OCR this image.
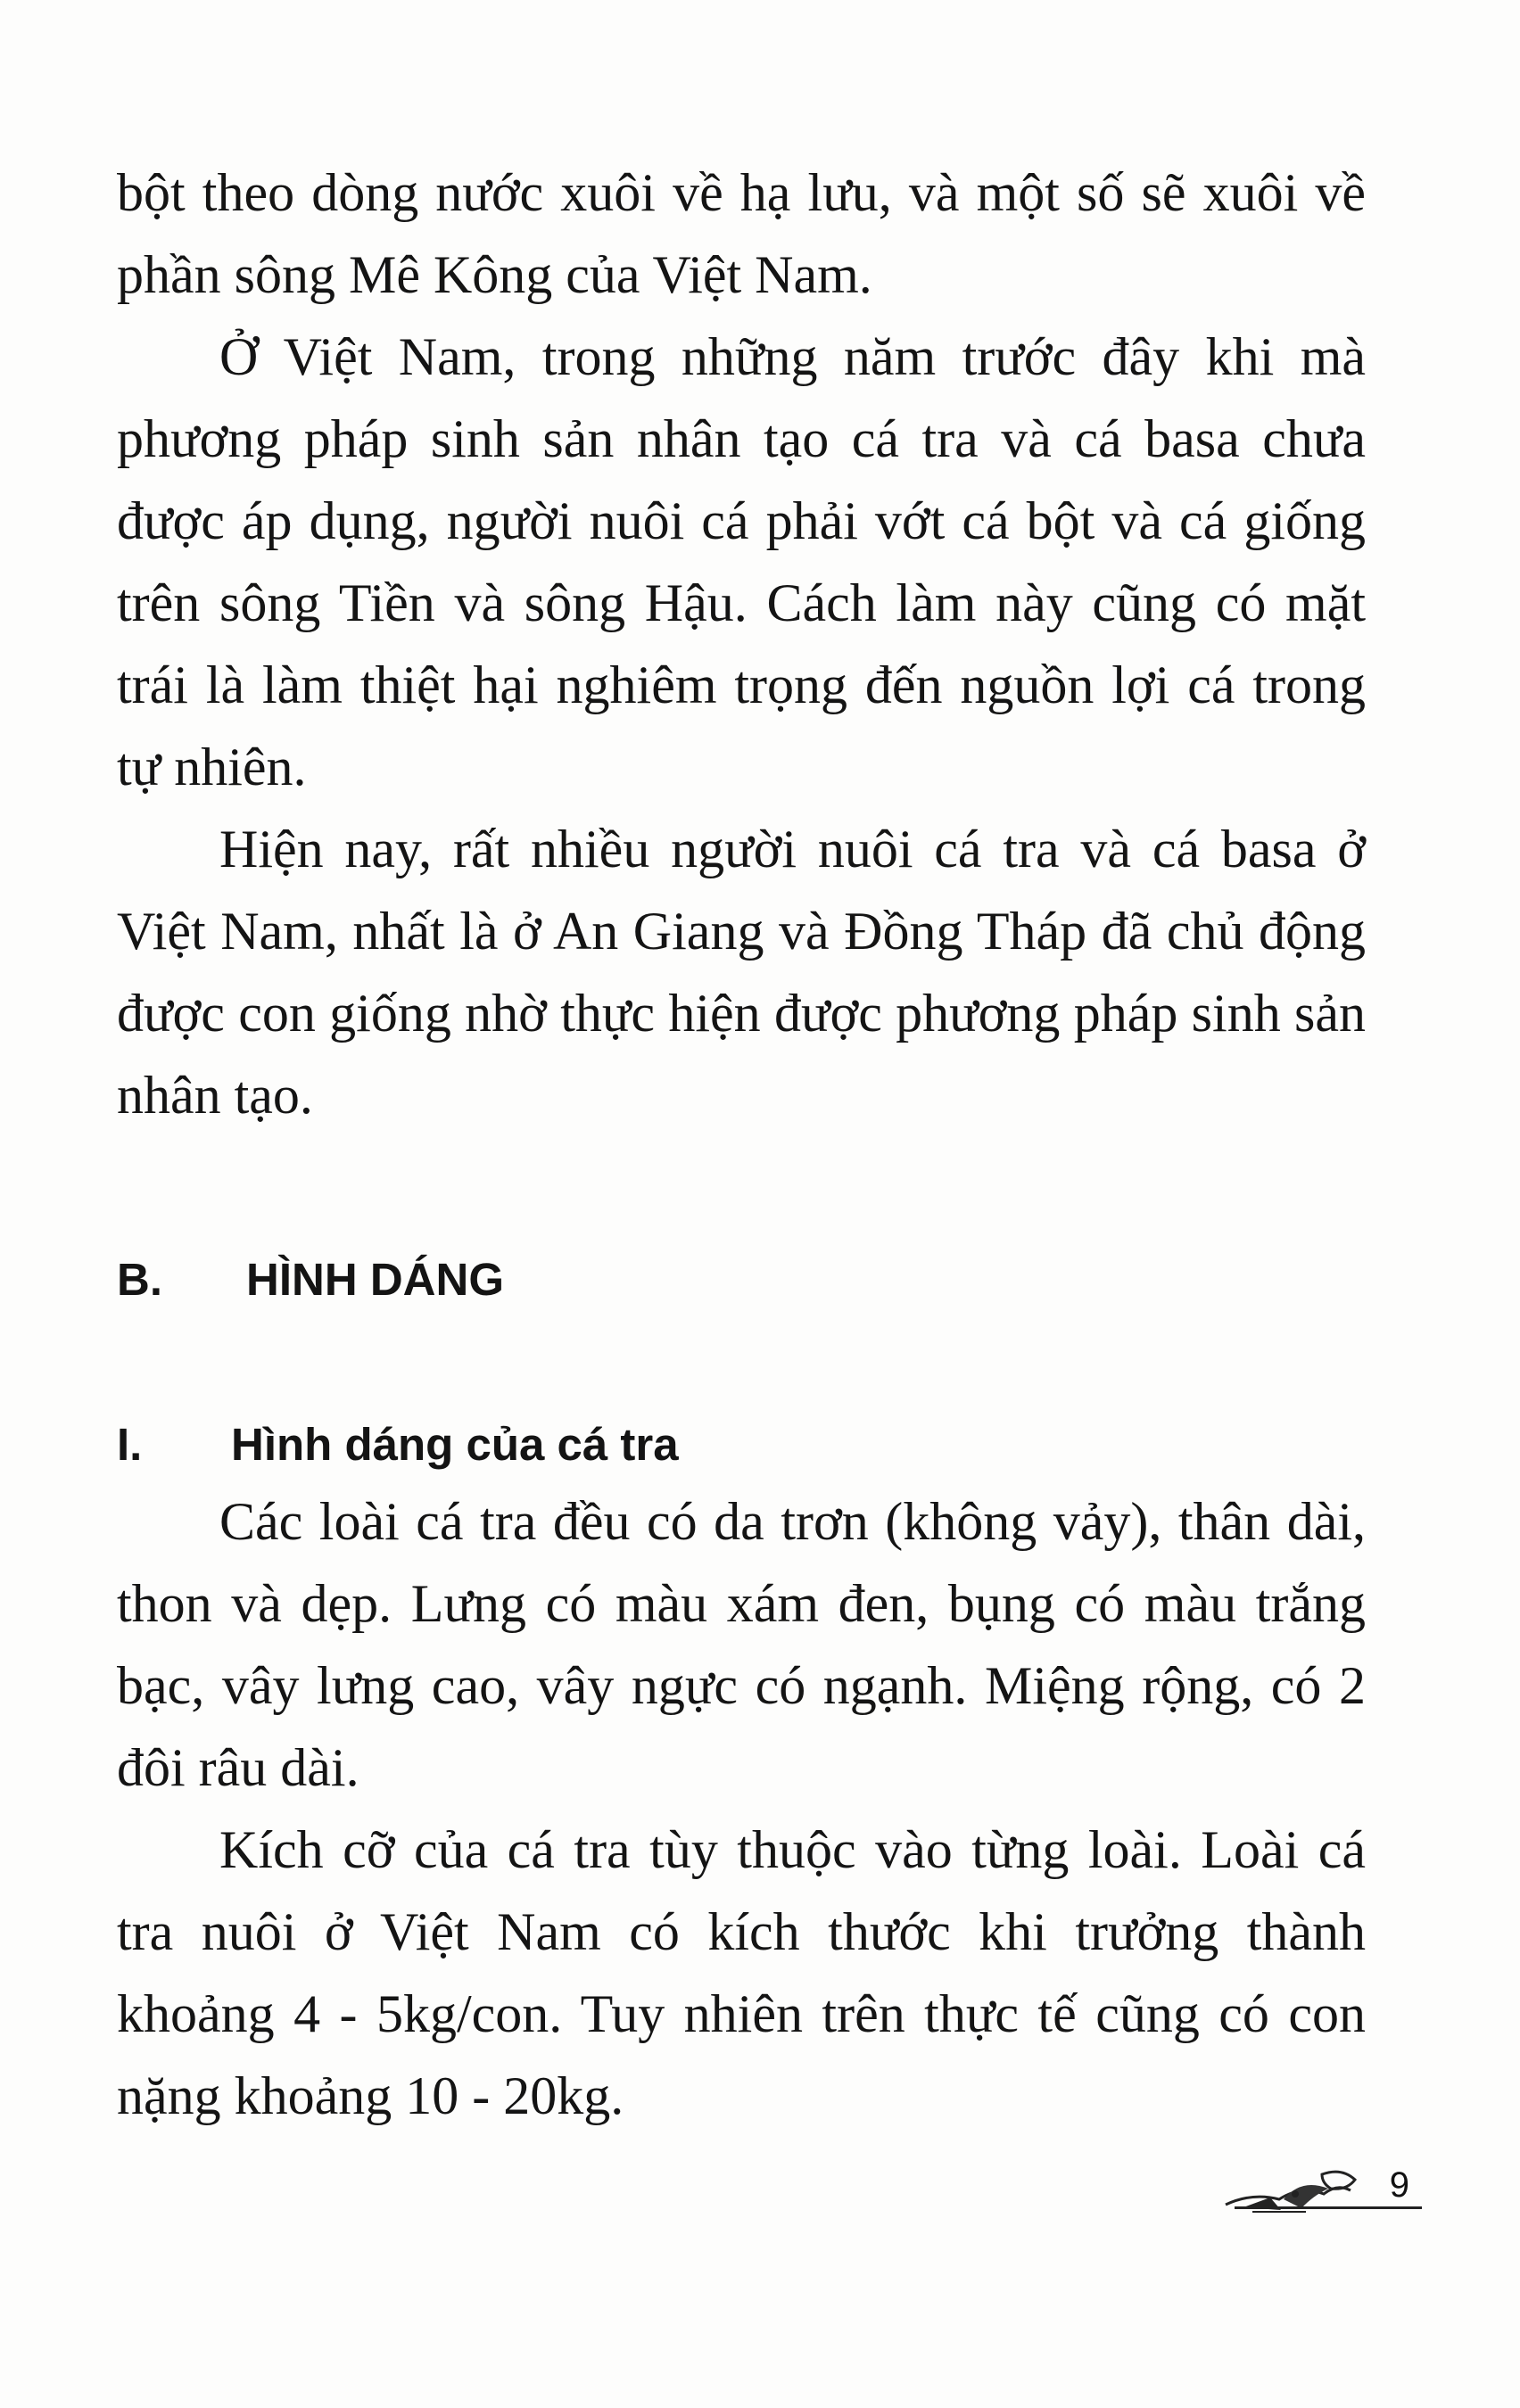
bột theo dòng nước xuôi về hạ lưu, và một số sẽ xuôi về phần sông Mê Kông của Việt Nam.

Ở Việt Nam, trong những năm trước đây khi mà phương pháp sinh sản nhân tạo cá tra và cá basa chưa được áp dụng, người nuôi cá phải vớt cá bột và cá giống trên sông Tiền và sông Hậu. Cách làm này cũng có mặt trái là làm thiệt hại nghiêm trọng đến nguồn lợi cá trong tự nhiên.

Hiện nay, rất nhiều người nuôi cá tra và cá basa ở Việt Nam, nhất là ở An Giang và Đồng Tháp đã chủ động được con giống nhờ thực hiện được phương pháp sinh sản nhân tạo.

B. HÌNH DÁNG
I. Hình dáng của cá tra

Các loài cá tra đều có da trơn (không vảy), thân dài, thon và dẹp. Lưng có màu xám đen, bụng có màu trắng bạc, vây lưng cao, vây ngực có ngạnh. Miệng rộng, có 2 đôi râu dài.

Kích cỡ của cá tra tùy thuộc vào từng loài. Loài cá tra nuôi ở Việt Nam có kích thước khi trưởng thành khoảng 4 - 5kg/con. Tuy nhiên trên thực tế cũng có con nặng khoảng 10 - 20kg.

9
